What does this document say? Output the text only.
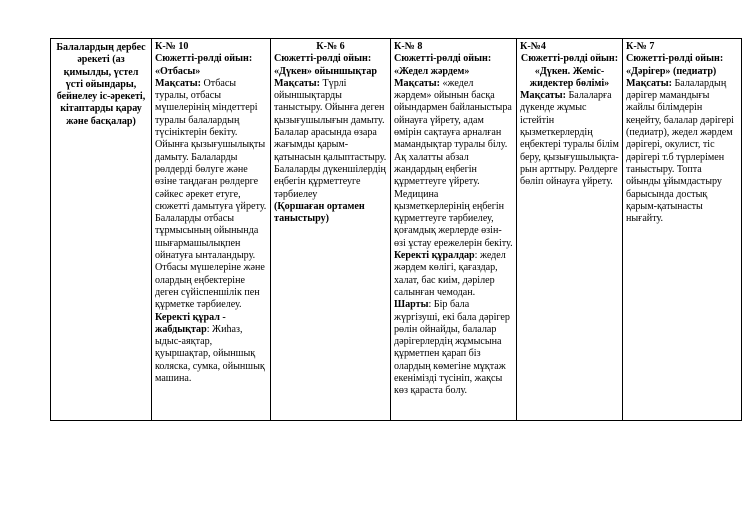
Балалардың дербес әрекеті (аз қимылды, үстел үсті ойындары, бейнелеу іс-әрекеті, кітаптарды қарау және басқалар)

К-№ 10
Сюжетті-рөлді ойын: «Отбасы»
Мақсаты: Отбасы туралы, отбасы мүшелерінің міндеттері туралы балалардың түсініктерін бекіту. Ойынға қызығушылықты дамыту. Балаларды рөлдерді бөлуге және өзіне таңдаған рөлдерге сәйкес әрекет етуге, сюжетті дамытуға үйрету. Балаларды отбасы тұрмысының ойынында шығармашылықпен ойнатуға ынталандыру. Отбасы мүшелеріне және олардың еңбектеріне деген сүйіспеншілік пен құрметке тәрбиелеу.
Керекті құрал - жабдықтар: Жиһаз, ыдыс-аяқтар, қуыршақтар, ойыншық коляска, сумка, ойыншық машина.	
К-№ 6
Сюжетті-рөлді ойын: «Дүкен» ойыншықтар
Мақсаты: Түрлі ойыншықтарды таныстыру. Ойынға деген қызығушылығын дамыту. Балалар арасында өзара жағымды қарым-қатынасын қалыптастыру. Балаларды дүкеншілердің еңбегін құрметтеуге тәрбиелеу
(Қоршаған ортамен таныстыру)	
К-№ 8
Сюжетті-рөлді ойын: «Жедел жәрдем»
Мақсаты: «жедел жәрдем» ойынын басқа ойындармен байланыстыра ойнауға үйрету, адам өмірін сақтауға арналған мамандықтар туралы білу. Ақ халатты абзал жандардың еңбегін құрметтеуге үйрету. Медицина қызметкерлерінің еңбегін құрметтеуге тәрбиелеу, қоғамдық жерлерде өзін-өзі ұстау ережелерін бекіту.
Керекті құралдар: жедел жәрдем көлігі, қағаздар, халат, бас киім, дәрілер салынған чемодан.
Шарты: Бір бала жүргізуші, екі бала дәрігер рөлін ойнайды, балалар дәрігерлердің жұмысына құрметпен қарап біз олардың көмегіне мұқтаж екенімізді түсініп, жақсы көз қараста болу.	
К-№4
Сюжетті-рөлді ойын: «Дүкен. Жеміс-жидектер бөлімі»
Мақсаты: Балаларға дүкенде жұмыс істейтін қызметкерлердің еңбектері туралы білім беру, қызығушылықта-рын арттыру. Рөлдерге бөліп ойнауға үйрету.	
К-№ 7
Сюжетті-рөлді ойын: «Дәрігер» (педиатр)
Мақсаты: Балалардың дәрігер мамандығы жайлы білімдерін кеңейту, балалар дәрігері (педиатр), жедел жәрдем дәрігері, окулист, тіс дәрігері т.б түрлерімен таныстыру. Топта ойынды ұйымдастыру барысында достық қарым-қатынасты нығайту.
